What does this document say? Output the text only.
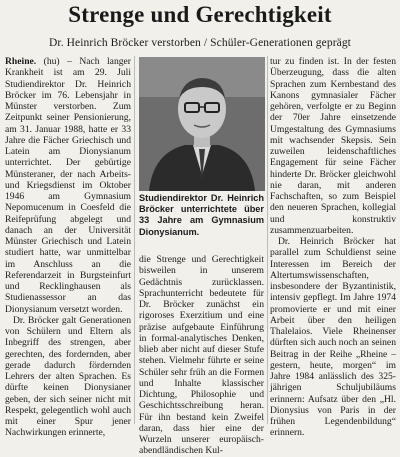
Strenge und Gerechtigkeit
Dr. Heinrich Bröcker verstorben / Schüler-Generationen geprägt

Rheine. (hu) – Nach langer Krankheit ist am 29. Juli Studiendirektor Dr. Heinrich Bröcker im 76. Lebensjahr in Münster verstorben. Zum Zeitpunkt seiner Pensionierung, am 31. Januar 1988, hatte er 33 Jahre die Fächer Griechisch und Latein am Dionysianum unterrichtet. Der gebürtige Münsteraner, der nach Arbeits- und Kriegsdienst im Oktober 1946 am Gymnasium Nepomucenum in Coesfeld die Reifeprüfung abgelegt und danach an der Universität Münster Griechisch und Latein studiert hatte, war unmittelbar im Anschluss an die Referendarzeit in Burgsteinfurt und Recklinghausen als Studienassessor an das Dionysianum versetzt worden.

Dr. Bröcker galt Generationen von Schülern und Eltern als Inbegriff des strengen, aber gerechten, des fordernden, aber gerade dadurch fördernden Lehrers der alten Sprachen. Es dürfte keinen Dionysianer geben, der sich seiner nicht mit Respekt, gelegentlich wohl auch mit einer Spur jener Nachwirkungen erinnerte,

Studiendirektor Dr. Heinrich Bröcker unterrichtete über 33 Jahre am Gymnasium Dionysianum.

die Strenge und Gerechtigkeit bisweilen in unserem Gedächtnis zurücklassen. Sprachunterricht bedeutete für Dr. Bröcker zunächst ein rigoroses Exerzitium und eine präzise aufgebaute Einführung in formal-analytisches Denken, blieb aber nicht auf dieser Stufe stehen. Vielmehr führte er seine Schüler sehr früh an die Formen und Inhalte klassischer Dichtung, Philosophie und Geschichtsschreibung heran. Für ihn bestand kein Zweifel daran, dass hier eine der Wurzeln unserer europäisch-abendländischen Kul-

tur zu finden ist. In der festen Überzeugung, dass die alten Sprachen zum Kernbestand des Kanons gymnasialer Fächer gehören, verfolgte er zu Beginn der 70er Jahre einsetzende Umgestaltung des Gymnasiums mit wachsender Skepsis. Sein zuweilen leidenschaftliches Engagement für seine Fächer hinderte Dr. Bröcker gleichwohl nie daran, mit anderen Fachschaften, so zum Beispiel den neueren Sprachen, kollegial und konstruktiv zusammenzuarbeiten.

Dr. Heinrich Bröcker hat parallel zum Schuldienst seine Interessen im Bereich der Altertumswissenschaften, insbesondere der Byzantinistik, intensiv gepflegt. Im Jahre 1974 promovierte er und mit einer Arbeit über den heiligen Thalelaios. Viele Rheinenser dürften sich auch noch an seinen Beitrag in der Reihe „Rheine – gestern, heute, morgen“ im Jahre 1984 anlässlich des 325-jährigen Schuljubiläums erinnern: Aufsatz über den „Hl. Dionysius von Paris in der frühen Legendenbildung“ erinnern.
